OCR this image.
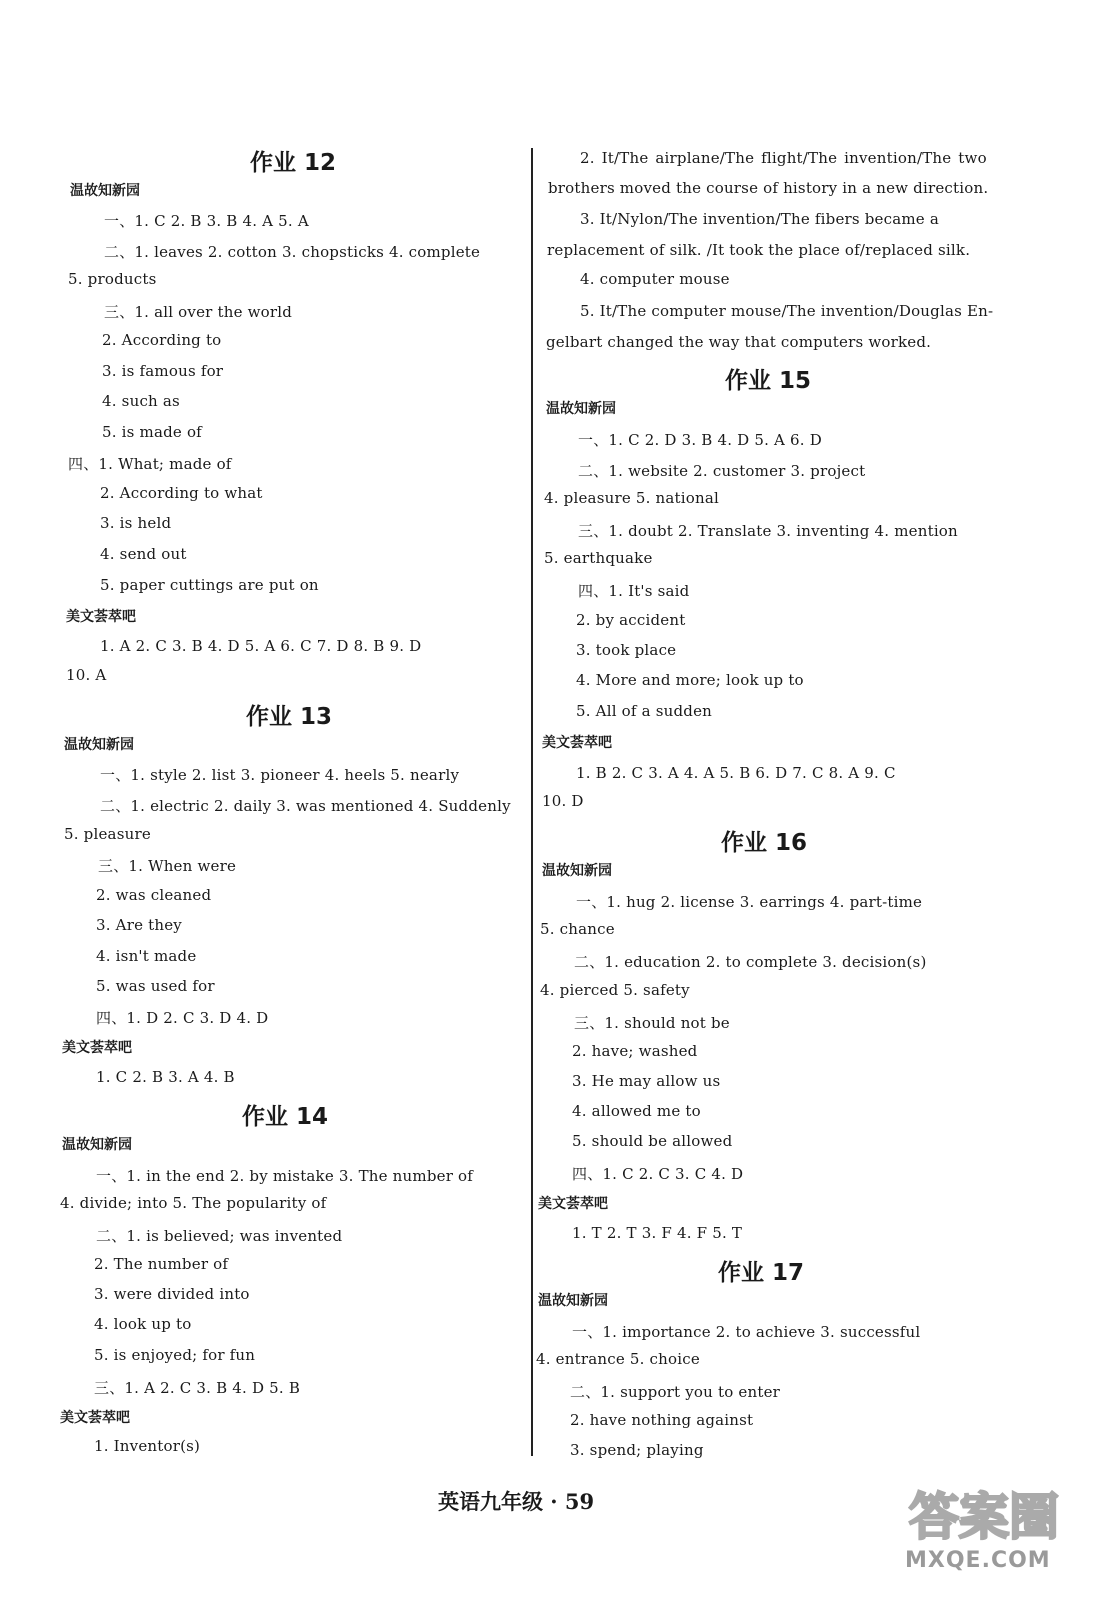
作业 12
温故知新园
一、1. C 2. B 3. B 4. A 5. A
二、1. leaves 2. cotton 3. chopsticks 4. complete
5. products
三、1. all over the world
2. According to
3. is famous for
4. such as
5. is made of
四、1. What; made of
2. According to what
3. is held
4. send out
5. paper cuttings are put on
美文荟萃吧
1. A 2. C 3. B 4. D 5. A 6. C 7. D 8. B 9. D
10. A
作业 13
温故知新园
一、1. style 2. list 3. pioneer 4. heels 5. nearly
二、1. electric 2. daily 3. was mentioned 4. Suddenly
5. pleasure
三、1. When were
2. was cleaned
3. Are they
4. isn't made
5. was used for
四、1. D 2. C 3. D 4. D
美文荟萃吧
1. C 2. B 3. A 4. B
作业 14
温故知新园
一、1. in the end 2. by mistake 3. The number of
4. divide; into 5. The popularity of
二、1. is believed; was invented
2. The number of
3. were divided into
4. look up to
5. is enjoyed; for fun
三、1. A 2. C 3. B 4. D 5. B
美文荟萃吧
1. Inventor(s)
2. It/The airplane/The flight/The invention/The two
brothers moved the course of history in a new direction.
3. It/Nylon/The invention/The fibers became a
replacement of silk. /It took the place of/replaced silk.
4. computer mouse
5. It/The computer mouse/The invention/Douglas En-
gelbart changed the way that computers worked.
作业 15
温故知新园
一、1. C 2. D 3. B 4. D 5. A 6. D
二、1. website 2. customer 3. project
4. pleasure 5. national
三、1. doubt 2. Translate 3. inventing 4. mention
5. earthquake
四、1. It's said
2. by accident
3. took place
4. More and more; look up to
5. All of a sudden
美文荟萃吧
1. B 2. C 3. A 4. A 5. B 6. D 7. C 8. A 9. C
10. D
作业 16
温故知新园
一、1. hug 2. license 3. earrings 4. part-time
5. chance
二、1. education 2. to complete 3. decision(s)
4. pierced 5. safety
三、1. should not be
2. have; washed
3. He may allow us
4. allowed me to
5. should be allowed
四、1. C 2. C 3. C 4. D
美文荟萃吧
1. T 2. T 3. F 4. F 5. T
作业 17
温故知新园
一、1. importance 2. to achieve 3. successful
4. entrance 5. choice
二、1. support you to enter
2. have nothing against
3. spend; playing
英语九年级 · 59	答案圈
MXQE.COM
